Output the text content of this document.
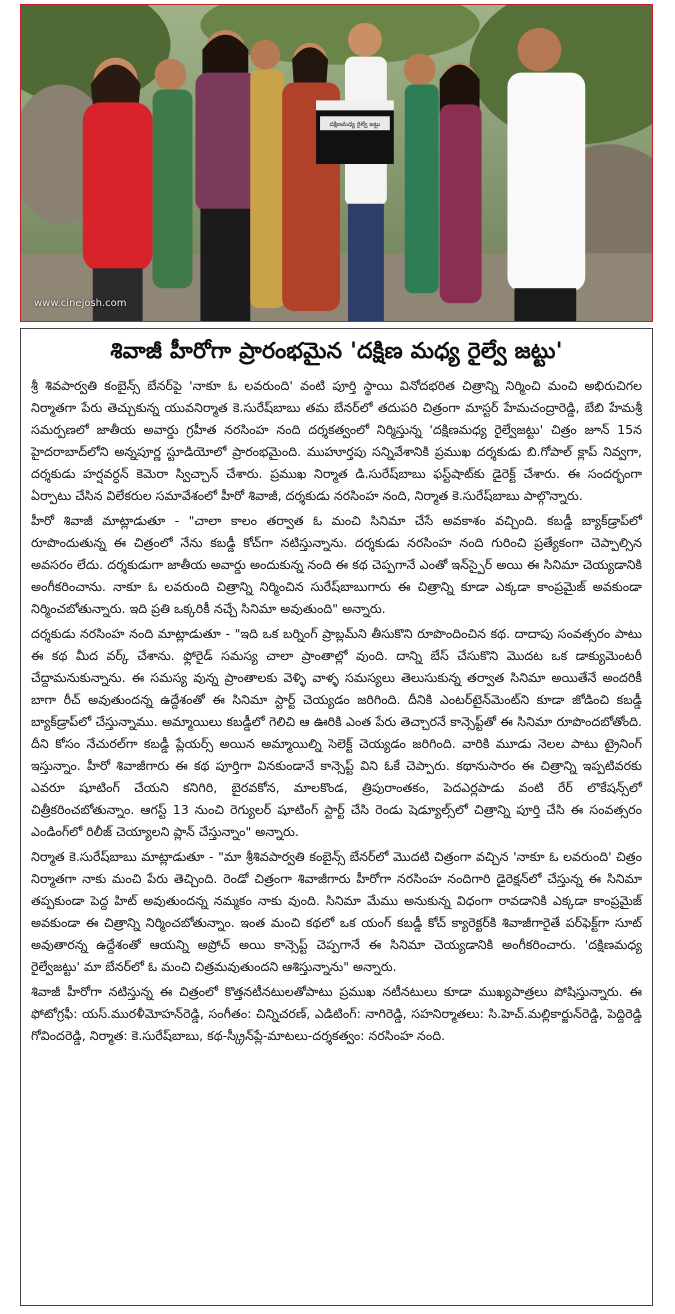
దక్షిణమధ్య రైల్వే జట్టు
www.cinejosh.com
శివాజీ హీరోగా ప్రారంభమైన 'దక్షిణ మధ్య రైల్వే జట్టు'

శ్రీ శివపార్వతి కంబైన్స్ బేనర్‌పై 'నాకూ ఓ లవరుంది' వంటి పూర్తి స్థాయి వినోదభరిత చిత్రాన్ని నిర్మించి మంచి అభిరుచిగల నిర్మాతగా పేరు తెచ్చుకున్న యువనిర్మాత కె.సురేష్‌బాబు తమ బేనర్‌లో తదుపరి చిత్రంగా మాస్టర్ హేమచంద్రారెడ్డి, బేబి హేమశ్రీ సమర్పణలో జాతీయ అవార్డు గ్రహీత నరసింహ నంది దర్శకత్వంలో నిర్మిస్తున్న 'దక్షిణమధ్య రైల్వేజట్టు' చిత్రం జూన్ 15న హైదరాబాద్‌లోని అన్నపూర్ణ స్టూడియోలో ప్రారంభమైంది. ముహూర్తపు సన్నివేశానికి ప్రముఖ దర్శకుడు బి.గోపాల్ క్లాప్ నివ్వగా, దర్శకుడు హర్షవర్ధన్ కెమెరా స్విచ్చాన్ చేశారు. ప్రముఖ నిర్మాత డి.సురేష్‌బాబు ఫస్ట్‌షాట్‌కు డైరెక్ట్ చేశారు. ఈ సందర్భంగా ఏర్పాటు చేసిన విలేకరుల సమావేశంలో హీరో శివాజీ, దర్శకుడు నరసింహ నంది, నిర్మాత కె.సురేష్‌బాబు పాల్గొన్నారు.

హీరో శివాజీ మాట్లాడుతూ - "చాలా కాలం తర్వాత ఓ మంచి సినిమా చేసే అవకాశం వచ్చింది. కబడ్డీ బ్యాక్‌డ్రాప్‌లో రూపొందుతున్న ఈ చిత్రంలో నేను కబడ్డీ కోచ్‌గా నటిస్తున్నాను. దర్శకుడు నరసింహ నంది గురించి ప్రత్యేకంగా చెప్పాల్సిన అవసరం లేదు. దర్శకుడుగా జాతీయ అవార్డు అందుకున్న నంది ఈ కథ చెప్పగానే ఎంతో ఇన్‌స్పైర్ అయి ఈ సినిమా చెయ్యడానికి అంగీకరించాను. నాకూ ఓ లవరుంది చిత్రాన్ని నిర్మించిన సురేష్‌బాబుగారు ఈ చిత్రాన్ని కూడా ఎక్కడా కాంప్రమైజ్ అవకుండా నిర్మించబోతున్నారు. ఇది ప్రతి ఒక్కరికీ నచ్చే సినిమా అవుతుంది" అన్నారు.

దర్శకుడు నరసింహ నంది మాట్లాడుతూ - "ఇది ఒక బర్నింగ్ ప్రాబ్లమ్‌ని తీసుకొని రూపొందించిన కథ. దాదాపు సంవత్సరం పాటు ఈ కథ మీద వర్క్ చేశాను. ఫ్లోరైడ్ సమస్య చాలా ప్రాంతాల్లో వుంది. దాన్ని బేస్ చేసుకొని మొదట ఒక డాక్యుమెంటరీ చేద్దామనుకున్నాను. ఈ సమస్య వున్న ప్రాంతాలకు వెళ్ళి వాళ్ళ సమస్యలు తెలుసుకున్న తర్వాత సినిమా అయితేనే అందరికీ బాగా రీచ్ అవుతుందన్న ఉద్దేశంతో ఈ సినిమా స్టార్ట్ చెయ్యడం జరిగింది. దీనికి ఎంటర్‌టైన్‌మెంట్‌ని కూడా జోడించి కబడ్డీ బ్యాక్‌డ్రాప్‌లో చేస్తున్నాము. అమ్మాయిలు కబడ్డీలో గెలిచి ఆ ఊరికి ఎంత పేరు తెచ్చారనే కాన్సెప్ట్‌తో ఈ సినిమా రూపొందబోతోంది. దీని కోసం నేచురల్‌గా కబడ్డీ ప్లేయర్స్ అయిన అమ్మాయిల్ని సెలెక్ట్ చెయ్యడం జరిగింది. వారికి మూడు నెలల పాటు ట్రైనింగ్ ఇస్తున్నాం. హీరో శివాజీగారు ఈ కథ పూర్తిగా వినకుండానే కాన్సెప్ట్ విని ఓకే చెప్పారు. కథానుసారం ఈ చిత్రాన్ని ఇప్పటివరకు ఎవరూ షూటింగ్ చేయని కనిగిరి, బైరవకోన, మాలకొండ, త్రిపురాంతకం, పెదఎర్లపాడు వంటి రేర్ లొకేషన్స్‌లో చిత్రీకరించబోతున్నాం. ఆగస్ట్ 13 నుంచి రెగ్యులర్ షూటింగ్ స్టార్ట్ చేసి రెండు షెడ్యూల్స్‌లో చిత్రాన్ని పూర్తి చేసి ఈ సంవత్సరం ఎండింగ్‌లో రిలీజ్ చెయ్యాలని ప్లాన్ చేస్తున్నాం" అన్నారు.

నిర్మాత కె.సురేష్‌బాబు మాట్లాడుతూ - "మా శ్రీశివపార్వతి కంబైన్స్ బేనర్‌లో మొదటి చిత్రంగా వచ్చిన 'నాకూ ఓ లవరుంది' చిత్రం నిర్మాతగా నాకు మంచి పేరు తెచ్చింది. రెండో చిత్రంగా శివాజీగారు హీరోగా నరసింహ నందిగారి డైరెక్షన్‌లో చేస్తున్న ఈ సినిమా తప్పకుండా పెద్ద హిట్ అవుతుందన్న నమ్మకం నాకు వుంది. సినిమా మేము అనుకున్న విధంగా రావడానికి ఎక్కడా కాంప్రమైజ్ అవకుండా ఈ చిత్రాన్ని నిర్మించబోతున్నాం. ఇంత మంచి కథలో ఒక యంగ్ కబడ్డీ కోచ్ క్యారెక్టర్‌కి శివాజీగారైతే పర్‌ఫెక్ట్‌గా సూట్ అవుతారన్న ఉద్దేశంతో ఆయన్ని అప్రోచ్ అయి కాన్సెప్ట్ చెప్పగానే ఈ సినిమా చెయ్యడానికి అంగీకరించారు. 'దక్షిణమధ్య రైల్వేజట్టు' మా బేనర్‌లో ఓ మంచి చిత్రమవుతుందని ఆశిస్తున్నాను" అన్నారు.

శివాజీ హీరోగా నటిస్తున్న ఈ చిత్రంలో కొత్తనటీనటులతోపాటు ప్రముఖ నటీనటులు కూడా ముఖ్యపాత్రలు పోషిస్తున్నారు. ఈ ఫోటోగ్రఫీ: యస్.మురళీమోహన్‌రెడ్డి, సంగీతం: చిన్నిచరణ్, ఎడిటింగ్: నాగిరెడ్డి, సహనిర్మాతలు: సి.హెచ్.మల్లికార్జున్‌రెడ్డి, పెద్దిరెడ్డి గోవిందరెడ్డి, నిర్మాత: కె.సురేష్‌బాబు, కథ-స్క్రీన్‌ప్లే-మాటలు-దర్శకత్వం: నరసింహ నంది.
